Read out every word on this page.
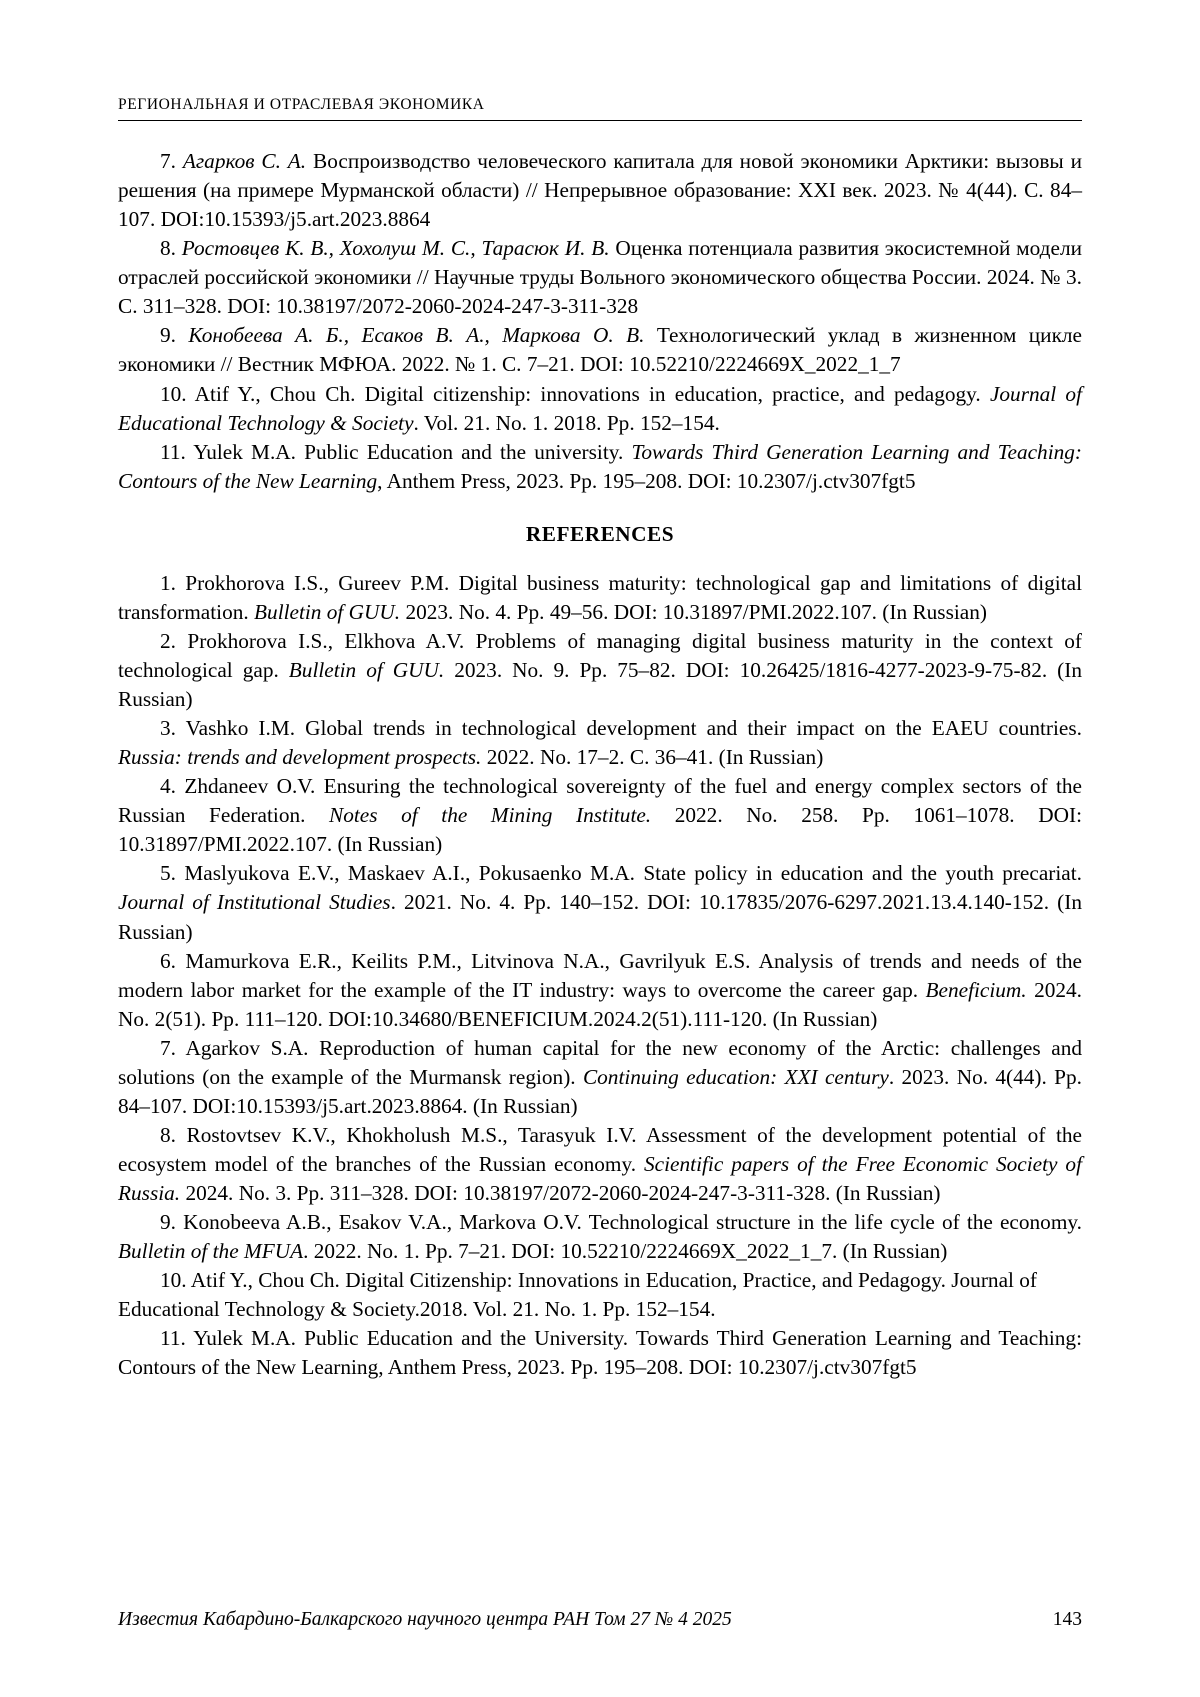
РЕГИОНАЛЬНАЯ И ОТРАСЛЕВАЯ ЭКОНОМИКА

7. Агарков С. А. Воспроизводство человеческого капитала для новой экономики Арктики: вызовы и решения (на примере Мурманской области) // Непрерывное образование: XXI век. 2023. № 4(44). С. 84–107. DOI:10.15393/j5.art.2023.8864

8. Ростовцев К. В., Хохолуш М. С., Тарасюк И. В. Оценка потенциала развития экосистемной модели отраслей российской экономики // Научные труды Вольного экономического общества России. 2024. № 3. С. 311–328. DOI: 10.38197/2072-2060-2024-247-3-311-328

9. Конобеева А. Б., Есаков В. А., Маркова О. В. Технологический уклад в жизненном цикле экономики // Вестник МФЮА. 2022. № 1. С. 7–21. DOI: 10.52210/2224669X_2022_1_7

10. Atif Y., Chou Ch. Digital citizenship: innovations in education, practice, and pedagogy. Journal of Educational Technology & Society. Vol. 21. No. 1. 2018. Pp. 152–154.

11. Yulek M.A. Public Education and the university. Towards Third Generation Learning and Teaching: Contours of the New Learning, Anthem Press, 2023. Pp. 195–208. DOI: 10.2307/j.ctv307fgt5

REFERENCES

1. Prokhorova I.S., Gureev P.M. Digital business maturity: technological gap and limitations of digital transformation. Bulletin of GUU. 2023. No. 4. Pp. 49–56. DOI: 10.31897/PMI.2022.107. (In Russian)

2. Prokhorova I.S., Elkhova A.V. Problems of managing digital business maturity in the context of technological gap. Bulletin of GUU. 2023. No. 9. Pp. 75–82. DOI: 10.26425/1816-4277-2023-9-75-82. (In Russian)

3. Vashko I.M. Global trends in technological development and their impact on the EAEU countries. Russia: trends and development prospects. 2022. No. 17–2. С. 36–41. (In Russian)

4. Zhdaneev O.V. Ensuring the technological sovereignty of the fuel and energy complex sectors of the Russian Federation. Notes of the Mining Institute. 2022. No. 258. Pp. 1061–1078. DOI: 10.31897/PMI.2022.107. (In Russian)

5. Maslyukova E.V., Maskaev A.I., Pokusaenko M.A. State policy in education and the youth precariat. Journal of Institutional Studies. 2021. No. 4. Pp. 140–152. DOI: 10.17835/2076-6297.2021.13.4.140-152. (In Russian)

6. Mamurkova E.R., Keilits P.M., Litvinova N.A., Gavrilyuk E.S. Analysis of trends and needs of the modern labor market for the example of the IT industry: ways to overcome the career gap. Beneficium. 2024. No. 2(51). Pp. 111–120. DOI:10.34680/BENEFICIUM.2024.2(51).111-120. (In Russian)

7. Agarkov S.A. Reproduction of human capital for the new economy of the Arctic: challenges and solutions (on the example of the Murmansk region). Continuing education: XXI century. 2023. No. 4(44). Pp. 84–107. DOI:10.15393/j5.art.2023.8864. (In Russian)

8. Rostovtsev K.V., Khokholush M.S., Tarasyuk I.V. Assessment of the development potential of the ecosystem model of the branches of the Russian economy. Scientific papers of the Free Economic Society of Russia. 2024. No. 3. Pp. 311–328. DOI: 10.38197/2072-2060-2024-247-3-311-328. (In Russian)

9. Konobeeva A.B., Esakov V.A., Markova O.V. Technological structure in the life cycle of the economy. Bulletin of the MFUA. 2022. No. 1. Pp. 7–21. DOI: 10.52210/2224669X_2022_1_7. (In Russian)

10. Atif Y., Chou Ch. Digital Citizenship: Innovations in Education, Practice, and Pedagogy. Journal of Educational Technology & Society.2018. Vol. 21. No. 1. Pp. 152–154.

11. Yulek M.A. Public Education and the University. Towards Third Generation Learning and Teaching: Contours of the New Learning, Anthem Press, 2023. Pp. 195–208. DOI: 10.2307/j.ctv307fgt5

Известия Кабардино-Балкарского научного центра РАН Том 27 № 4 2025	143
